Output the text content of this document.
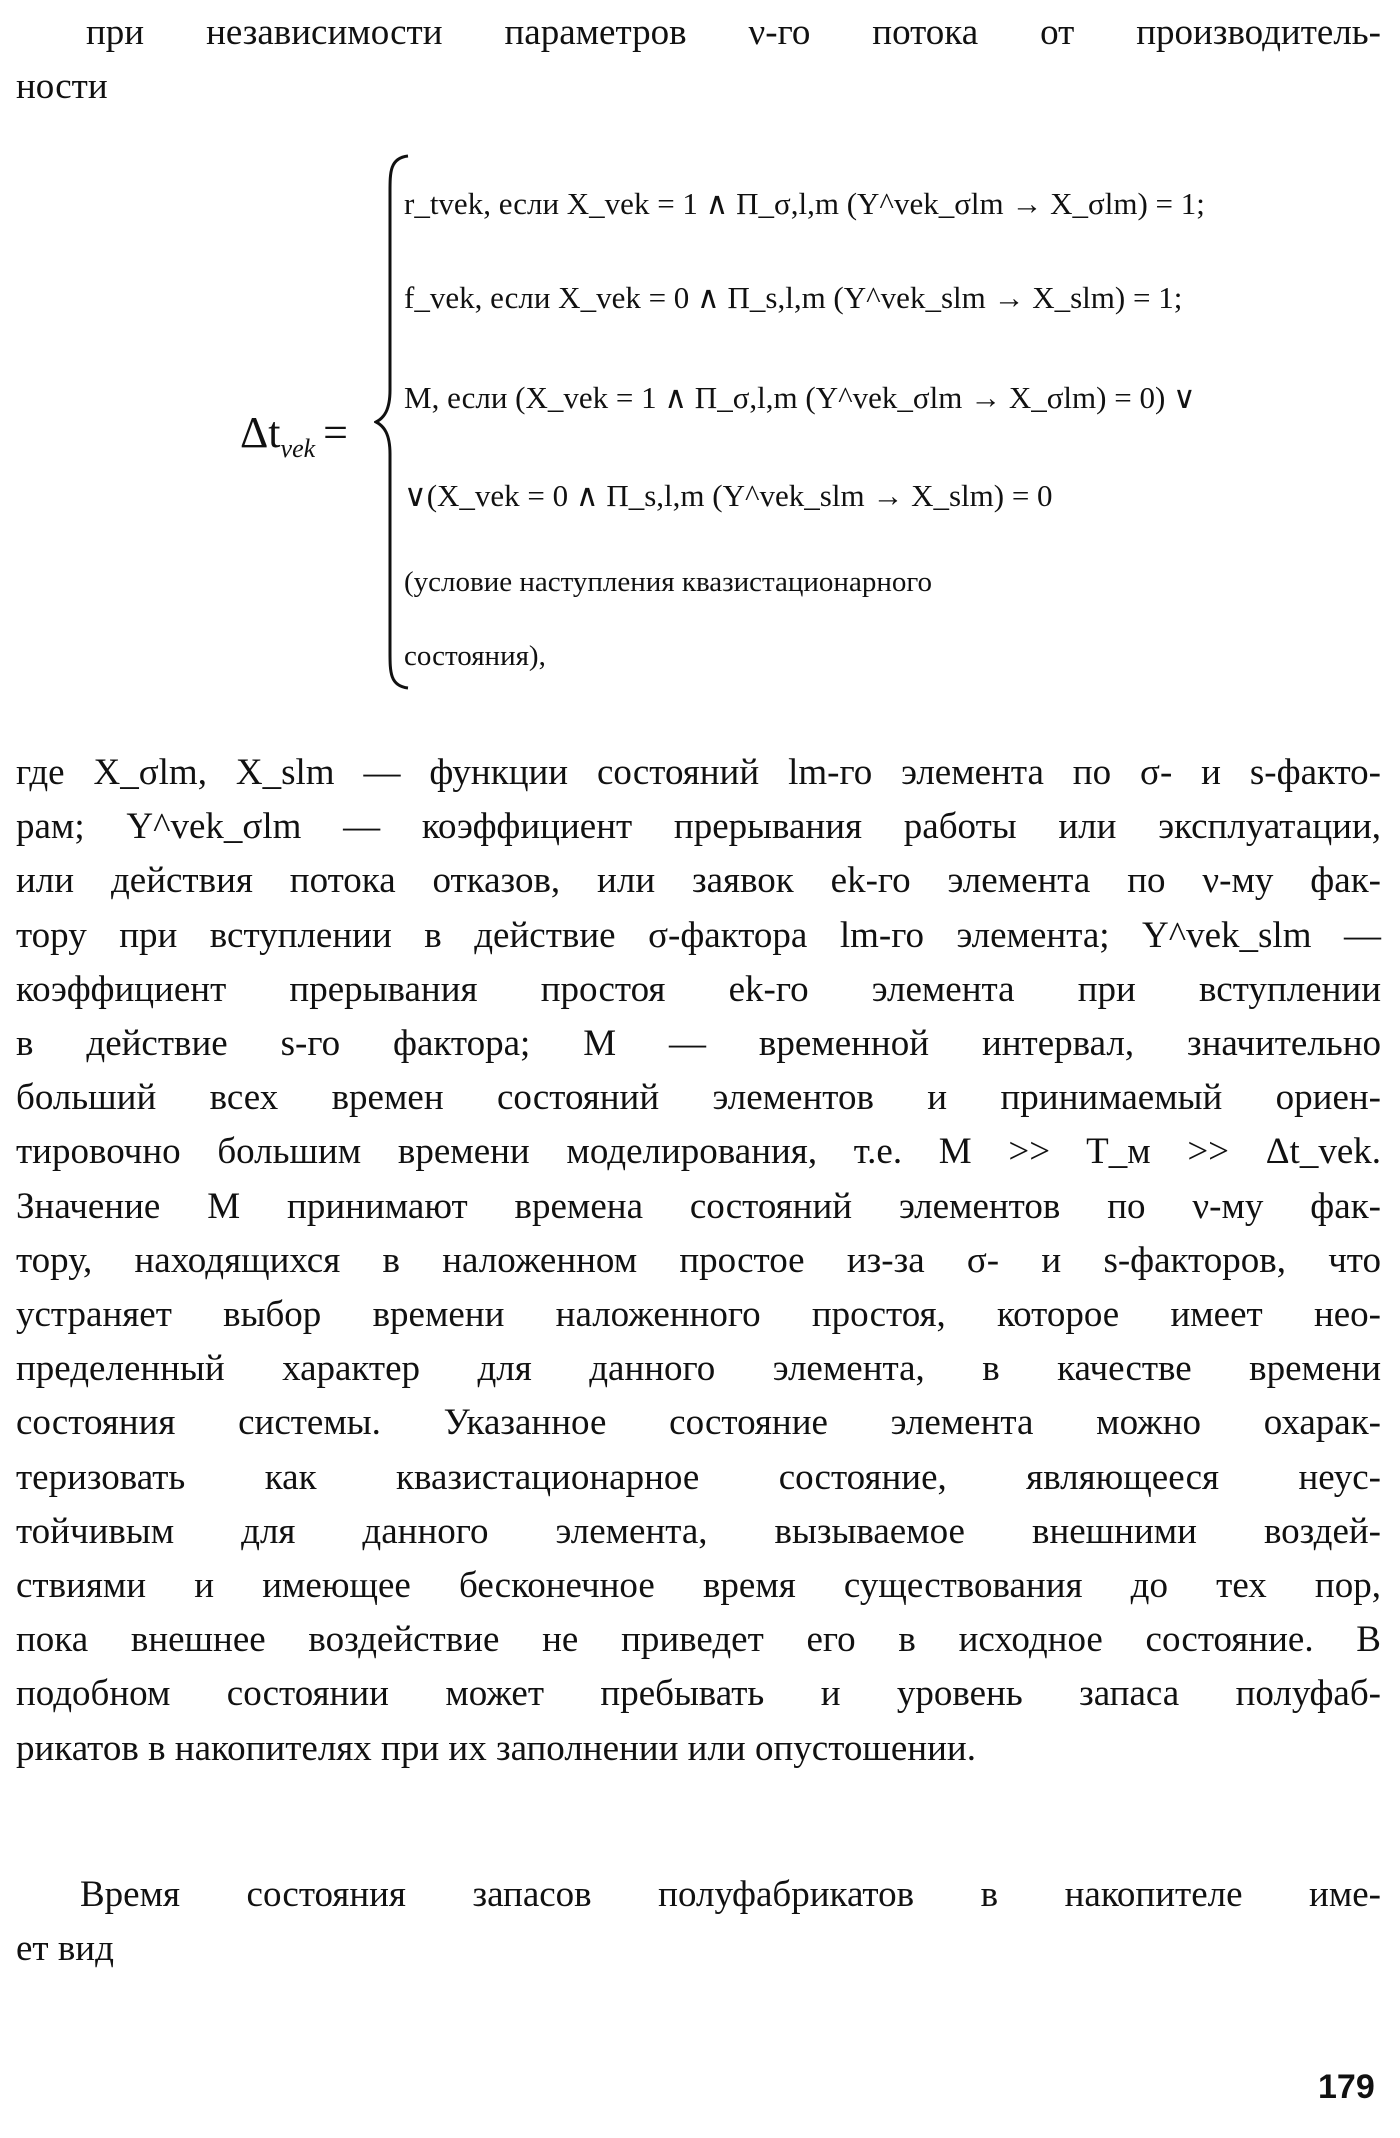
при независимости параметров ν-го потока от производитель-
ности

$\Delta t_{vek}$ =
r_tvek, если X_vek = 1 ∧ Π_σ,l,m (Y^vek_σlm → X_σlm) = 1;
f_vek, если X_vek = 0 ∧ Π_s,l,m (Y^vek_slm → X_slm) = 1;
M, если (X_vek = 1 ∧ Π_σ,l,m (Y^vek_σlm → X_σlm) = 0) ∨
∨(X_vek = 0 ∧ Π_s,l,m (Y^vek_slm → X_slm) = 0
(условие наступления квазистационарного
состояния),

где X_σlm, X_slm — функции состояний lm-го элемента по σ- и s-факто-
рам; Y^vek_σlm — коэффициент прерывания работы или эксплуатации,
или действия потока отказов, или заявок ek-го элемента по ν-му фак-
тору при вступлении в действие σ-фактора lm-го элемента; Y^vek_slm —
коэффициент прерывания простоя ek-го элемента при вступлении
в действие s-го фактора; M — временной интервал, значительно
больший всех времен состояний элементов и принимаемый ориен-
тировочно большим времени моделирования, т.е. M >> T_м >> Δt_vek.
Значение M принимают времена состояний элементов по ν-му фак-
тору, находящихся в наложенном простое из-за σ- и s-факторов, что
устраняет выбор времени наложенного простоя, которое имеет нео-
пределенный характер для данного элемента, в качестве времени
состояния системы. Указанное состояние элемента можно охарак-
теризовать как квазистационарное состояние, являющееся неус-
тойчивым для данного элемента, вызываемое внешними воздей-
ствиями и имеющее бесконечное время существования до тех пор,
пока внешнее воздействие не приведет его в исходное состояние. В
подобном состоянии может пребывать и уровень запаса полуфаб-
рикатов в накопителях при их заполнении или опустошении.

Время состояния запасов полуфабрикатов в накопителе име-
ет вид

179
